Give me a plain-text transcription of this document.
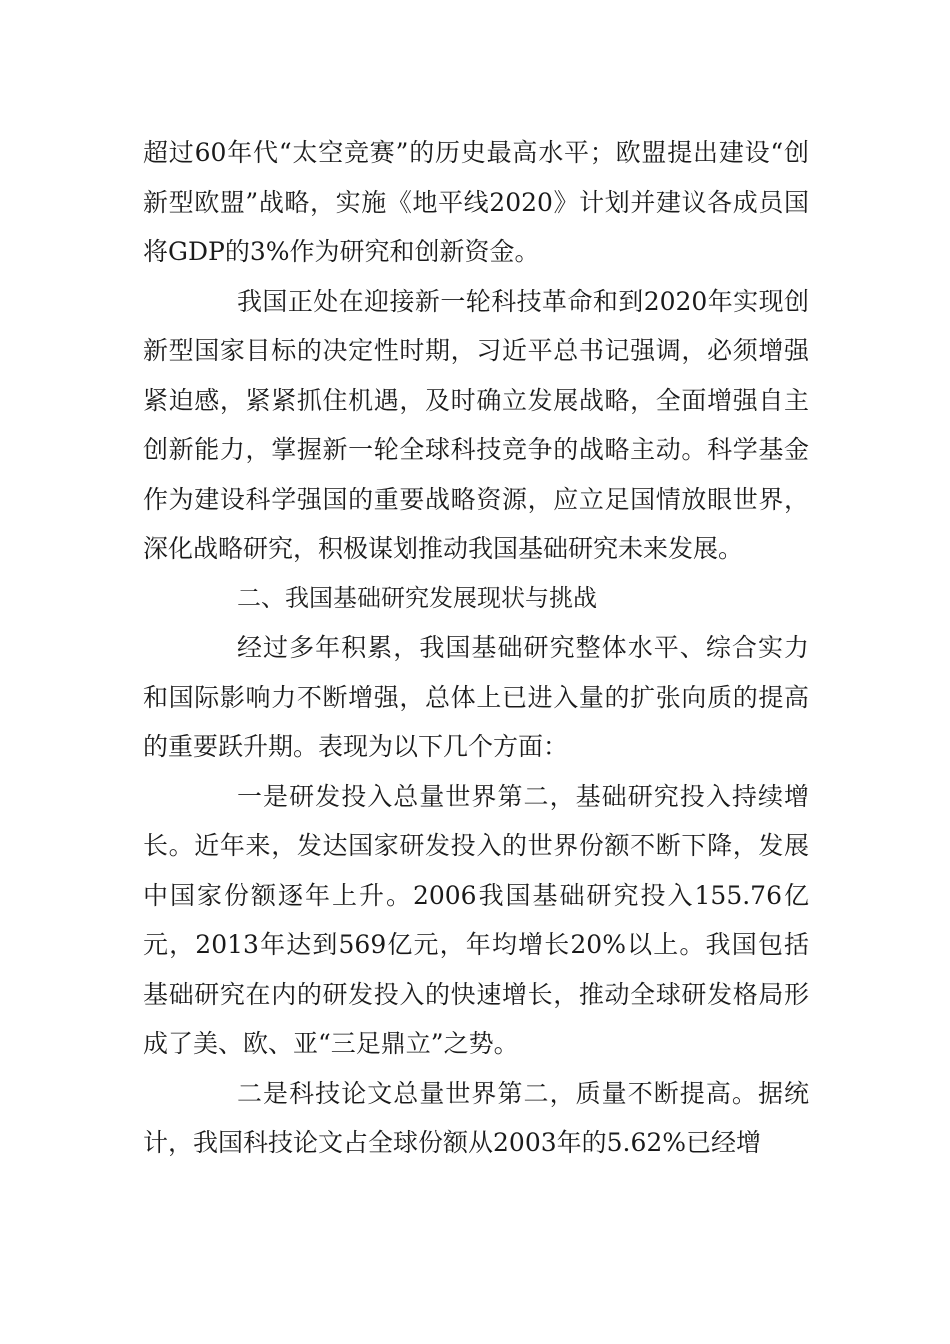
超过60年代“太空竞赛”的历史最高水平；欧盟提出建设“创新型欧盟”战略，实施《地平线2020》计划并建议各成员国将GDP的3%作为研究和创新资金。

我国正处在迎接新一轮科技革命和到2020年实现创新型国家目标的决定性时期，习近平总书记强调，必须增强紧迫感，紧紧抓住机遇，及时确立发展战略，全面增强自主创新能力，掌握新一轮全球科技竞争的战略主动。科学基金作为建设科学强国的重要战略资源，应立足国情放眼世界，深化战略研究，积极谋划推动我国基础研究未来发展。

二、我国基础研究发展现状与挑战

经过多年积累，我国基础研究整体水平、综合实力和国际影响力不断增强，总体上已进入量的扩张向质的提高的重要跃升期。表现为以下几个方面：

一是研发投入总量世界第二，基础研究投入持续增长。近年来，发达国家研发投入的世界份额不断下降，发展中国家份额逐年上升。2006我国基础研究投入155.76亿元，2013年达到569亿元，年均增长20%以上。我国包括基础研究在内的研发投入的快速增长，推动全球研发格局形成了美、欧、亚“三足鼎立”之势。

二是科技论文总量世界第二，质量不断提高。据统计，我国科技论文占全球份额从2003年的5.62%已经增
